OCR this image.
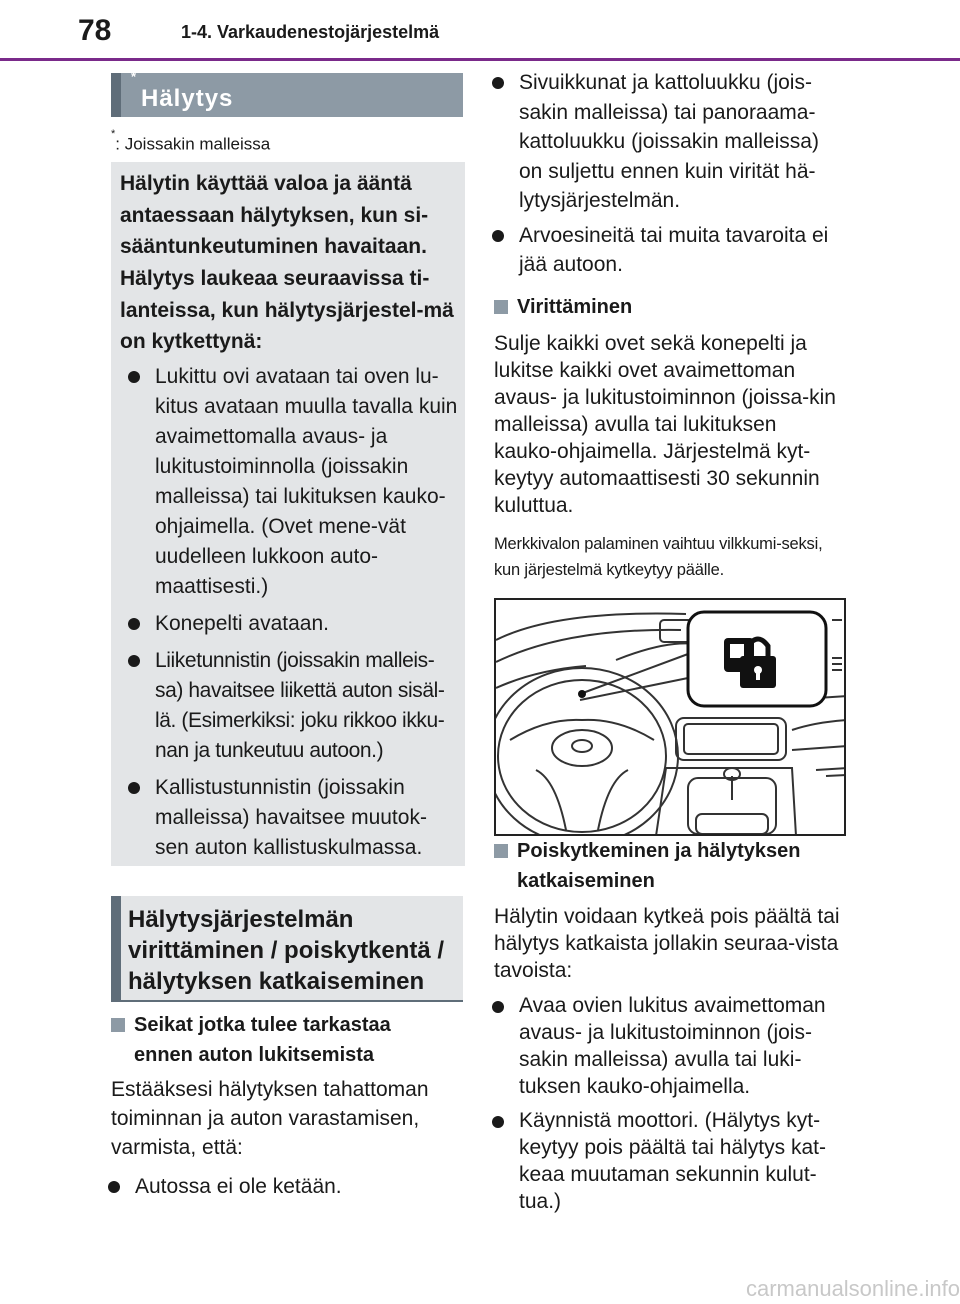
78	1-4. Varkaudenestojärjestelmä
Hälytys
*
*: Joissakin malleissa

Hälytin käyttää valoa ja ääntä antaessaan hälytyksen, kun si-sääntunkeutuminen havaitaan.

Hälytys laukeaa seuraavissa ti-lanteissa, kun hälytysjärjestel-mä on kytkettynä:

Lukittu ovi avataan tai oven lu-kitus avataan muulla tavalla kuin avaimettomalla avaus- ja lukitustoiminnolla (joissakin malleissa) tai lukituksen kauko-ohjaimella. (Ovet mene-vät uudelleen lukkoon auto-maattisesti.)
Konepelti avataan.
Liiketunnistin (joissakin malleis-sa) havaitsee liikettä auton sisäl-lä. (Esimerkiksi: joku rikkoo ikku-nan ja tunkeutuu autoon.)
Kallistustunnistin (joissakin malleissa) havaitsee muutok-sen auton kallistuskulmassa.
Hälytysjärjestelmän virittäminen / poiskytkentä / hälytyksen katkaiseminen
Seikat jotka tulee tarkastaa ennen auton lukitsemista
Estääksesi hälytyksen tahattoman toiminnan ja auton varastamisen, varmista, että:
Autossa ei ole ketään.
Sivuikkunat ja kattoluukku (jois-sakin malleissa) tai panoraama-kattoluukku (joissakin malleissa) on suljettu ennen kuin virität hä-lytysjärjestelmän.
Arvoesineitä tai muita tavaroita ei jää autoon.
Virittäminen
Sulje kaikki ovet sekä konepelti ja lukitse kaikki ovet avaimettoman avaus- ja lukitustoiminnon (joissa-kin malleissa) avulla tai lukituksen kauko-ohjaimella. Järjestelmä kyt-keytyy automaattisesti 30 sekunnin kuluttua.
Merkkivalon palaminen vaihtuu vilkkumi-seksi, kun järjestelmä kytkeytyy päälle.
Poiskytkeminen ja hälytyksen katkaiseminen
Hälytin voidaan kytkeä pois päältä tai hälytys katkaista jollakin seuraa-vista tavoista:
Avaa ovien lukitus avaimettoman avaus- ja lukitustoiminnon (jois-sakin malleissa) avulla tai luki-tuksen kauko-ohjaimella.
Käynnistä moottori. (Hälytys kyt-keytyy pois päältä tai hälytys kat-keaa muutaman sekunnin kulut-tua.)
carmanualsonline.info
